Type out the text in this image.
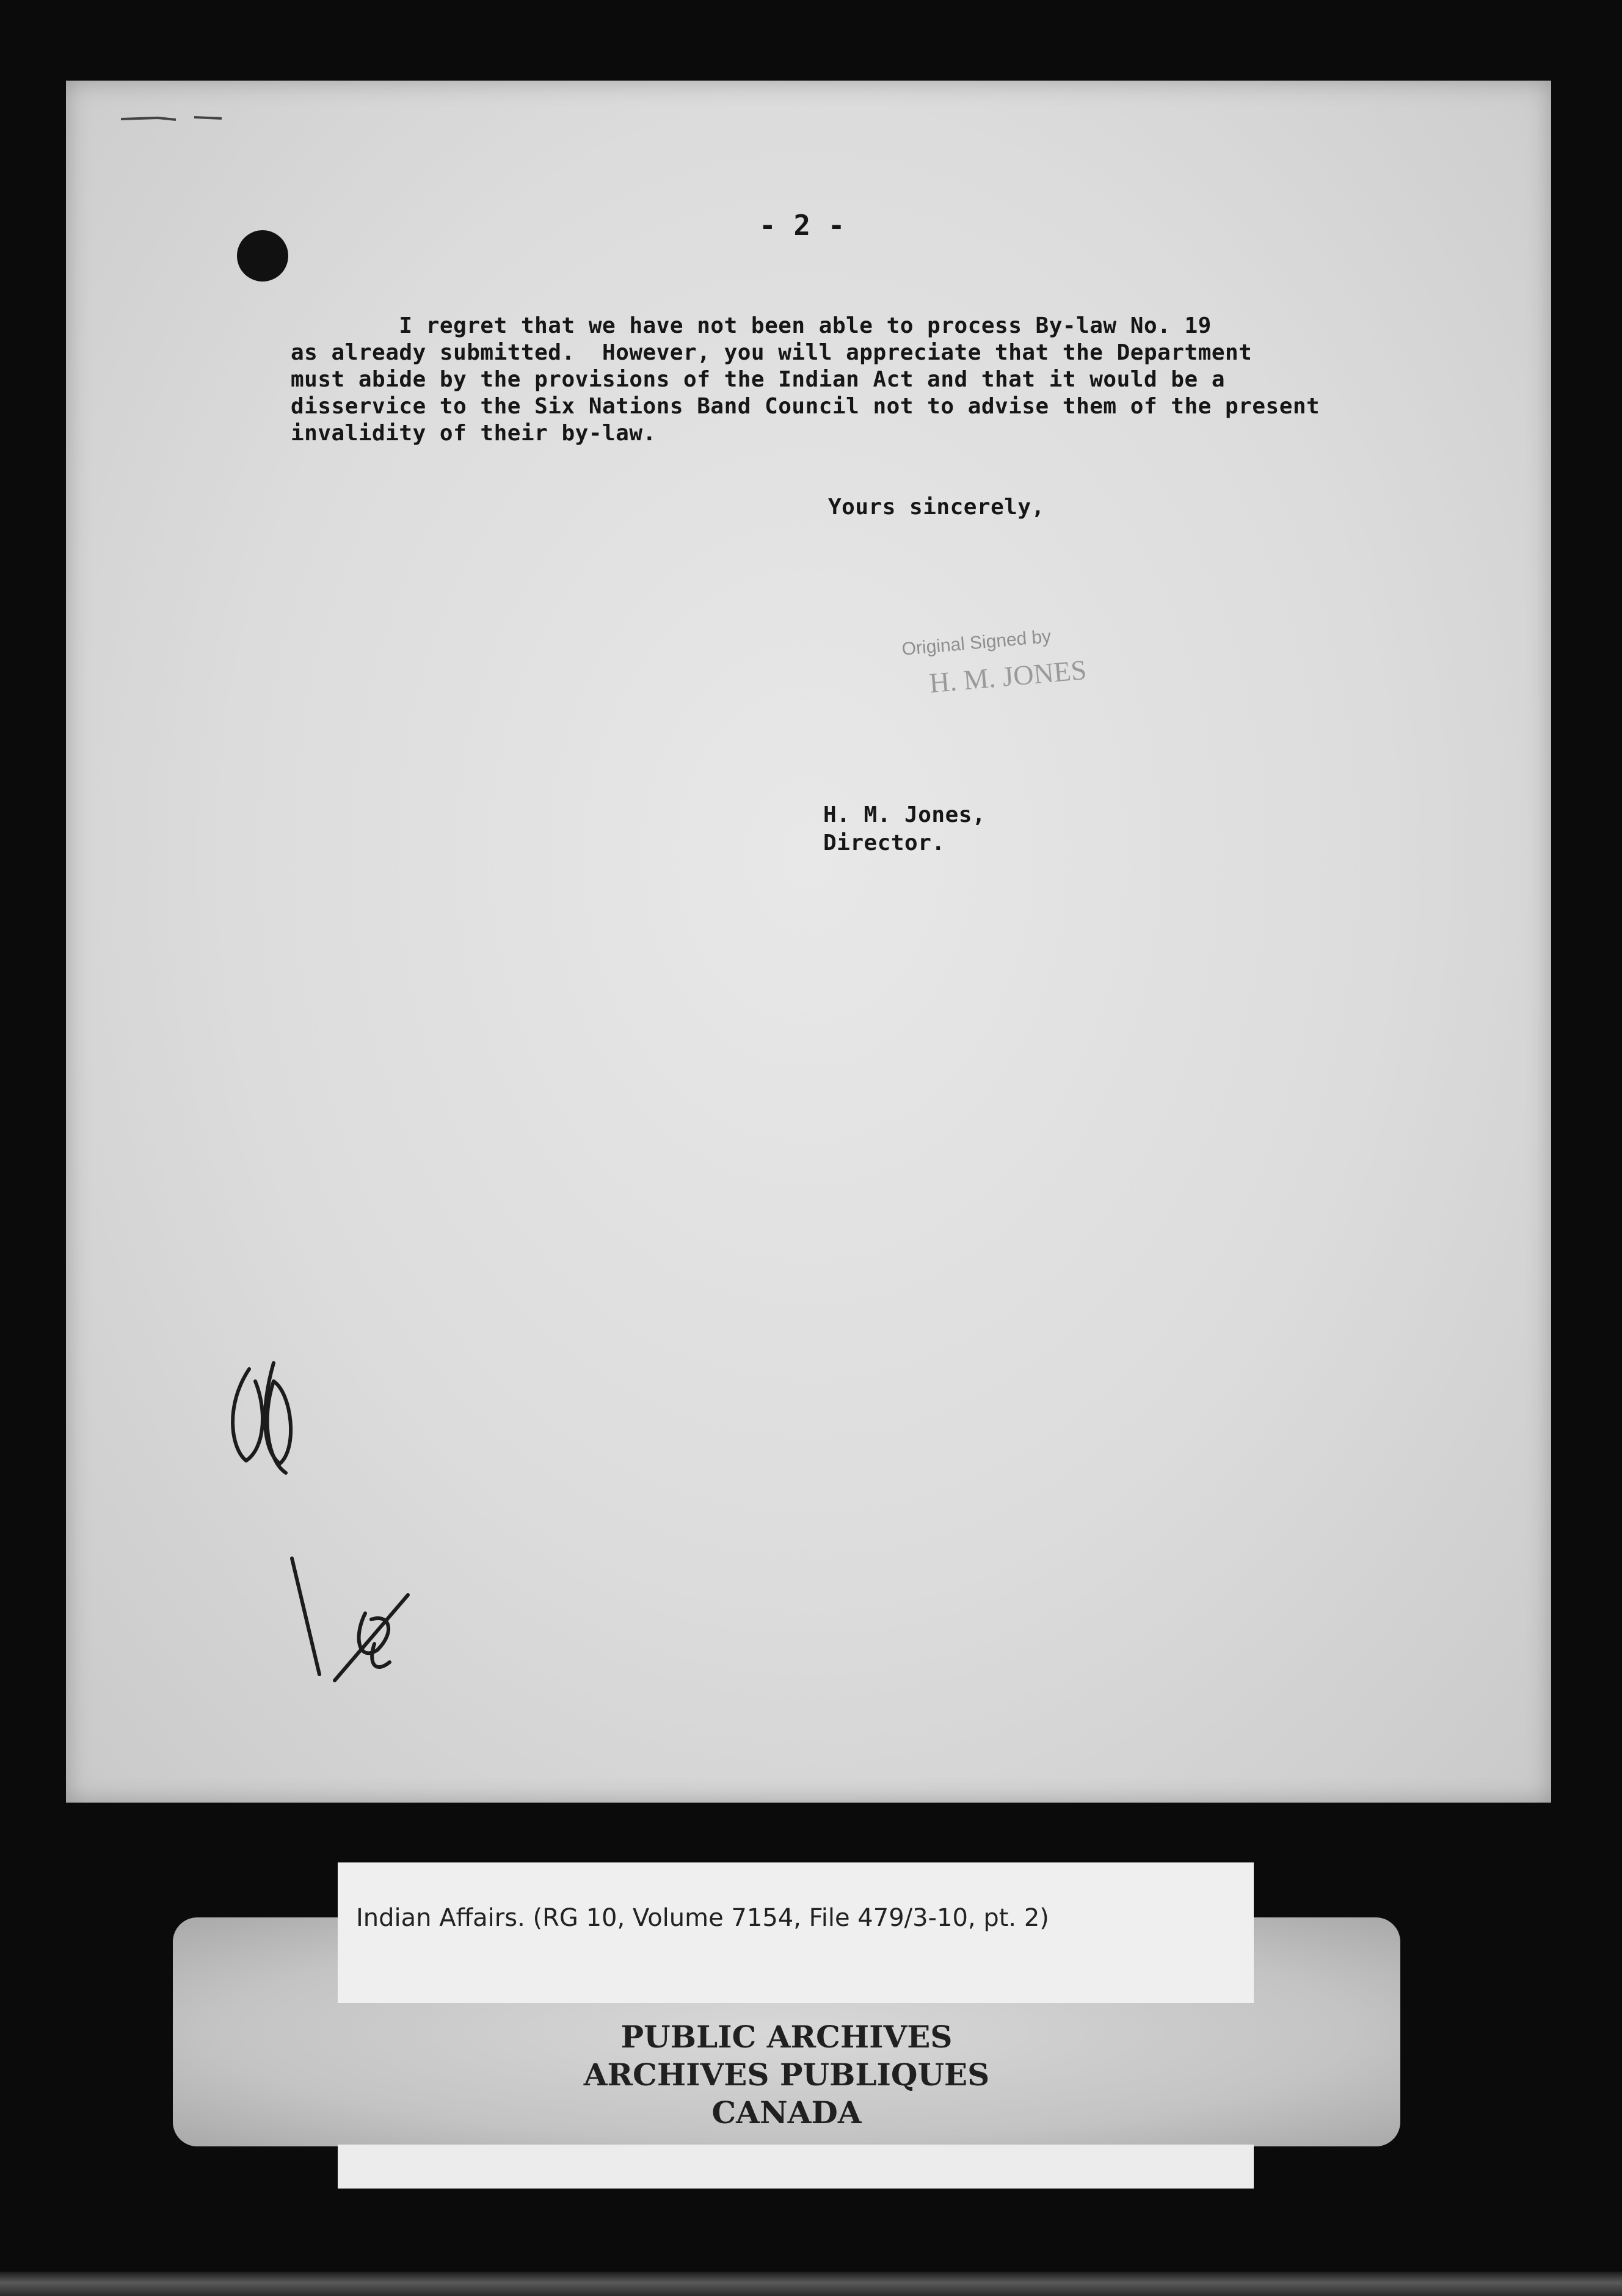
- 2 -
I regret that we have not been able to process By-law No. 19
as already submitted.  However, you will appreciate that the Department
must abide by the provisions of the Indian Act and that it would be a
disservice to the Six Nations Band Council not to advise them of the present
invalidity of their by-law.
Yours sincerely,
Original Signed by
H. M. JONES
H. M. Jones,
Director.
PUBLIC ARCHIVES
ARCHIVES PUBLIQUES
CANADA
Indian Affairs. (RG 10, Volume 7154, File 479/3-10, pt. 2)
